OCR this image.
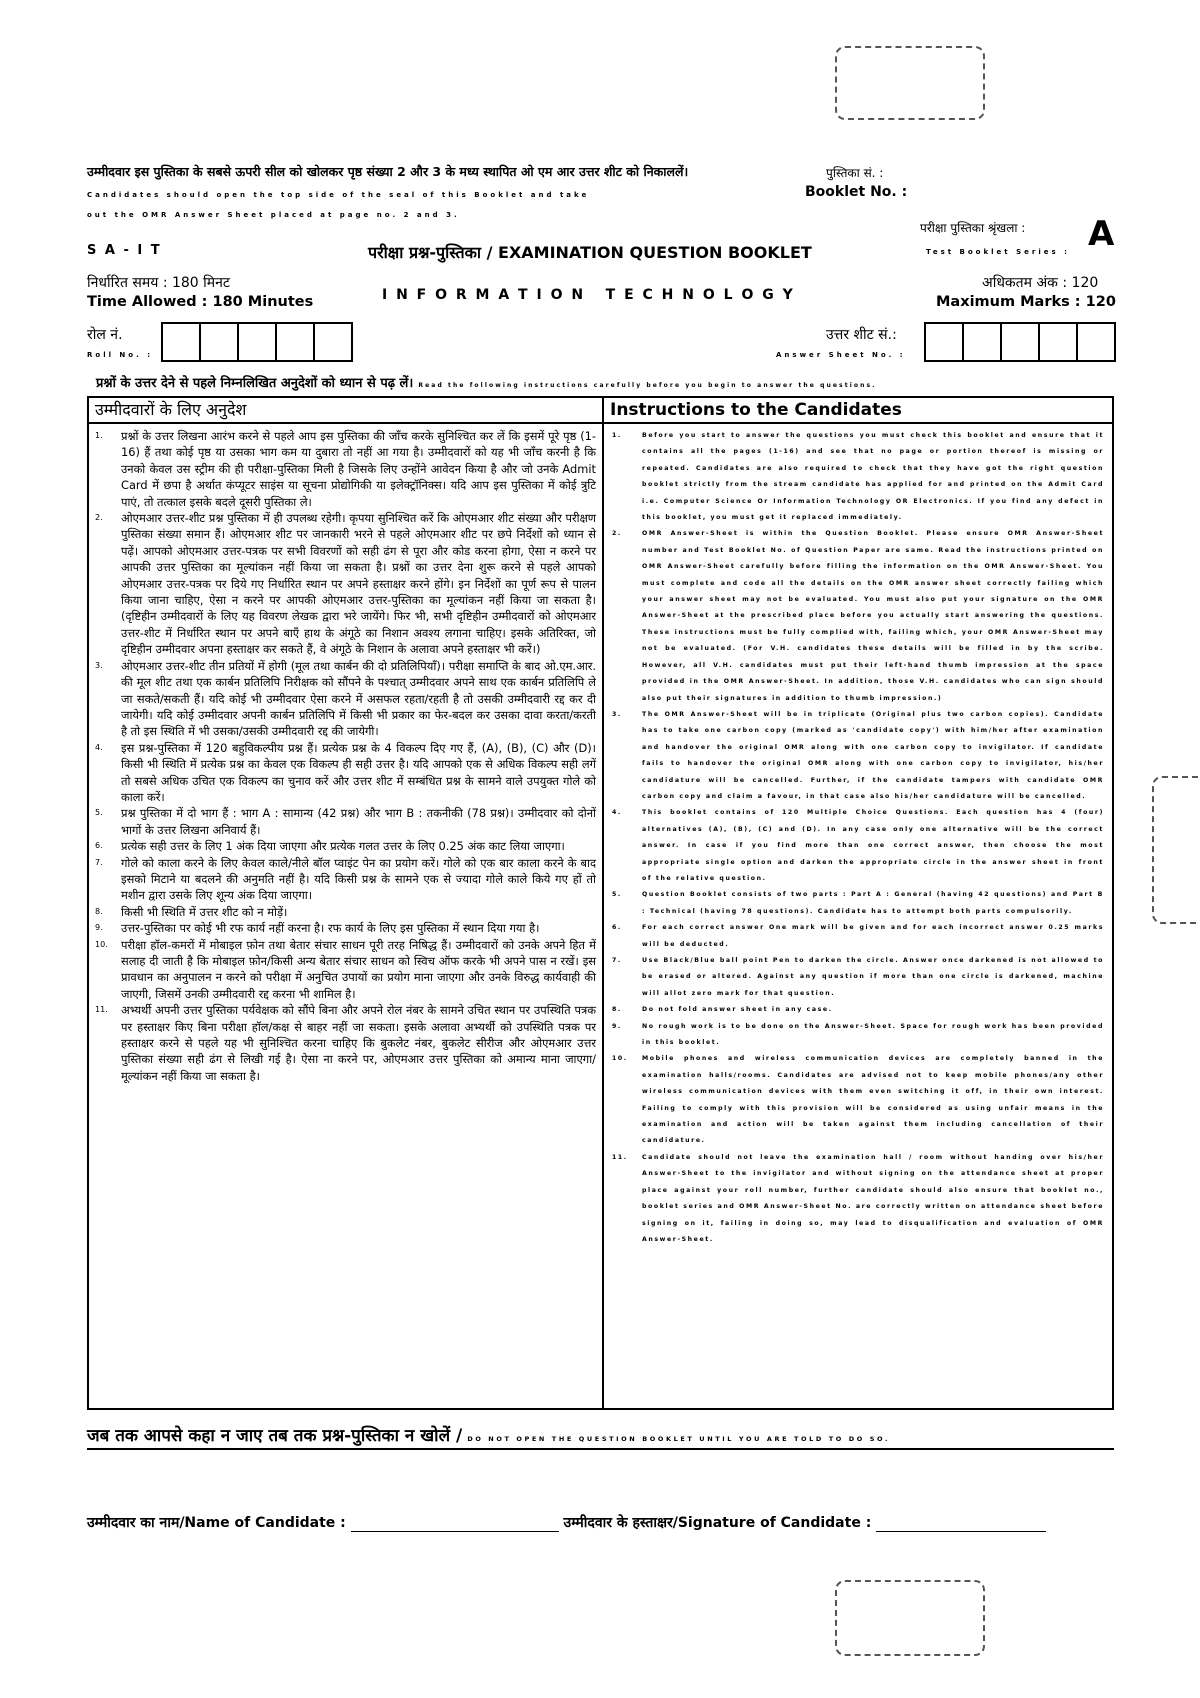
उम्मीदवार इस पुस्तिका के सबसे ऊपरी सील को खोलकर पृष्ठ संख्या 2 और 3 के मध्य स्थापित ओ एम आर उत्तर शीट को निकाललें।
Candidates should open the top side of the seal of this Booklet and take
out the OMR Answer Sheet placed at page no. 2 and 3.
पुस्तिका सं. :
Booklet No. :
परीक्षा पुस्तिका श्रृंखला :
Test Booklet Series : A
S A - I T	परीक्षा प्रश्न-पुस्तिका / EXAMINATION QUESTION BOOKLET
निर्धारित समय : 180 मिनट
Time Allowed : 180 Minutes	I N F O R M A T I O N   T E C H N O L O G Y
अधिकतम अंक : 120
Maximum Marks : 120
रोल नं.
Roll No. :
उत्तर शीट सं.:
Answer Sheet No. :
प्रश्नों के उत्तर देने से पहले निम्नलिखित अनुदेशों को ध्यान से पढ़ लें। Read the following instructions carefully before you begin to answer the questions.
उम्मीदवारों के लिए अनुदेश	Instructions to the Candidates
1.	प्रश्नों के उत्तर लिखना आरंभ करने से पहले आप इस पुस्तिका की जाँच करके सुनिश्चित कर लें कि इसमें पूरे पृष्ठ (1-16) हैं तथा कोई पृष्ठ या उसका भाग कम या दुबारा तो नहीं आ गया है। उम्मीदवारों को यह भी जाँच करनी है कि उनको केवल उस स्ट्रीम की ही परीक्षा-पुस्तिका मिली है जिसके लिए उन्होंने आवेदन किया है और जो उनके Admit Card में छपा है अर्थात कंप्यूटर साइंस या सूचना प्रोद्योगिकी या इलेक्ट्रॉनिक्स। यदि आप इस पुस्तिका में कोई त्रुटि पाएं, तो तत्काल इसके बदले दूसरी पुस्तिका ले।
2.	ओएमआर उत्तर-शीट प्रश्न पुस्तिका में ही उपलब्ध रहेगी। कृपया सुनिश्चित करें कि ओएमआर शीट संख्या और परीक्षण पुस्तिका संख्या समान हैं। ओएमआर शीट पर जानकारी भरने से पहले ओएमआर शीट पर छपे निर्देशों को ध्यान से पढ़ें। आपको ओएमआर उत्तर-पत्रक पर सभी विवरणों को सही ढंग से पूरा और कोड करना होगा, ऐसा न करने पर आपकी उत्तर पुस्तिका का मूल्यांकन नहीं किया जा सकता है। प्रश्नों का उत्तर देना शुरू करने से पहले आपको ओएमआर उत्तर-पत्रक पर दिये गए निर्धारित स्थान पर अपने हस्ताक्षर करने होंगे। इन निर्देशों का पूर्ण रूप से पालन किया जाना चाहिए, ऐसा न करने पर आपकी ओएमआर उत्तर-पुस्तिका का मूल्यांकन नहीं किया जा सकता है। (दृष्टिहीन उम्मीदवारों के लिए यह विवरण लेखक द्वारा भरे जायेंगे। फिर भी, सभी दृष्टिहीन उम्मीदवारों को ओएमआर उत्तर-शीट में निर्धारित स्थान पर अपने बाएँ हाथ के अंगूठे का निशान अवश्य लगाना चाहिए। इसके अतिरिक्त, जो दृष्टिहीन उम्मीदवार अपना हस्ताक्षर कर सकते हैं, वे अंगूठे के निशान के अलावा अपने हस्ताक्षर भी करें।)
3.	ओएमआर उत्तर-शीट तीन प्रतियों में होगी (मूल तथा कार्बन की दो प्रतिलिपियाँ)। परीक्षा समाप्ति के बाद ओ.एम.आर. की मूल शीट तथा एक कार्बन प्रतिलिपि निरीक्षक को सौंपने के पश्चात् उम्मीदवार अपने साथ एक कार्बन प्रतिलिपि ले जा सकते/सकती हैं। यदि कोई भी उम्मीदवार ऐसा करने में असफल रहता/रहती है तो उसकी उम्मीदवारी रद्द कर दी जायेगी। यदि कोई उम्मीदवार अपनी कार्बन प्रतिलिपि में किसी भी प्रकार का फेर-बदल कर उसका दावा करता/करती है तो इस स्थिति में भी उसका/उसकी उम्मीदवारी रद्द की जायेगी।
4.	इस प्रश्न-पुस्तिका में 120 बहुविकल्पीय प्रश्न हैं। प्रत्येक प्रश्न के 4 विकल्प दिए गए हैं, (A), (B), (C) और (D)। किसी भी स्थिति में प्रत्येक प्रश्न का केवल एक विकल्प ही सही उत्तर है। यदि आपको एक से अधिक विकल्प सही लगें तो सबसे अधिक उचित एक विकल्प का चुनाव करें और उत्तर शीट में सम्बंधित प्रश्न के सामने वाले उपयुक्त गोले को काला करें।
5.	प्रश्न पुस्तिका में दो भाग हैं : भाग A : सामान्य (42 प्रश्न) और भाग B : तकनीकी (78 प्रश्न)। उम्मीदवार को दोनों भागों के उत्तर लिखना अनिवार्य हैं।
6.	प्रत्येक सही उत्तर के लिए 1 अंक दिया जाएगा और प्रत्येक गलत उत्तर के लिए 0.25 अंक काट लिया जाएगा।
7.	गोले को काला करने के लिए केवल काले/नीले बॉल प्वाइंट पेन का प्रयोग करें। गोले को एक बार काला करने के बाद इसको मिटाने या बदलने की अनुमति नहीं है। यदि किसी प्रश्न के सामने एक से ज्यादा गोले काले किये गए हों तो मशीन द्वारा उसके लिए शून्य अंक दिया जाएगा।
8.	किसी भी स्थिति में उत्तर शीट को न मोड़ें।
9.	उत्तर-पुस्तिका पर कोई भी रफ कार्य नहीं करना है। रफ कार्य के लिए इस पुस्तिका में स्थान दिया गया है।
10.	परीक्षा हॉल-कमरों में मोबाइल फ़ोन तथा बेतार संचार साधन पूरी तरह निषिद्ध हैं। उम्मीदवारों को उनके अपने हित में सलाह दी जाती है कि मोबाइल फ़ोन/किसी अन्य बेतार संचार साधन को स्विच ऑफ करके भी अपने पास न रखें। इस प्रावधान का अनुपालन न करने को परीक्षा में अनुचित उपायों का प्रयोग माना जाएगा और उनके विरुद्ध कार्यवाही की जाएगी, जिसमें उनकी उम्मीदवारी रद्द करना भी शामिल है।
11.	अभ्यर्थी अपनी उत्तर पुस्तिका पर्यवेक्षक को सौंपे बिना और अपने रोल नंबर के सामने उचित स्थान पर उपस्थिति पत्रक पर हस्ताक्षर किए बिना परीक्षा हॉल/कक्ष से बाहर नहीं जा सकता। इसके अलावा अभ्यर्थी को उपस्थिति पत्रक पर हस्ताक्षर करने से पहले यह भी सुनिश्चित करना चाहिए कि बुकलेट नंबर, बुकलेट सीरीज और ओएमआर उत्तर पुस्तिका संख्या सही ढंग से लिखी गई है। ऐसा ना करने पर, ओएमआर उत्तर पुस्तिका को अमान्य माना जाएगा/मूल्यांकन नहीं किया जा सकता है।
1.	Before you start to answer the questions you must check this booklet and ensure that it contains all the pages (1-16) and see that no page or portion thereof is missing or repeated. Candidates are also required to check that they have got the right question booklet strictly from the stream candidate has applied for and printed on the Admit Card i.e. Computer Science Or Information Technology OR Electronics. If you find any defect in this booklet, you must get it replaced immediately.
2.	OMR Answer-Sheet is within the Question Booklet. Please ensure OMR Answer-Sheet number and Test Booklet No. of Question Paper are same. Read the instructions printed on OMR Answer-Sheet carefully before filling the information on the OMR Answer-Sheet. You must complete and code all the details on the OMR answer sheet correctly failing which your answer sheet may not be evaluated. You must also put your signature on the OMR Answer-Sheet at the prescribed place before you actually start answering the questions. These instructions must be fully complied with, failing which, your OMR Answer-Sheet may not be evaluated. (For V.H. candidates these details will be filled in by the scribe. However, all V.H. candidates must put their left-hand thumb impression at the space provided in the OMR Answer-Sheet. In addition, those V.H. candidates who can sign should also put their signatures in addition to thumb impression.)
3.	The OMR Answer-Sheet will be in triplicate (Original plus two carbon copies). Candidate has to take one carbon copy (marked as 'candidate copy') with him/her after examination and handover the original OMR along with one carbon copy to invigilator. If candidate fails to handover the original OMR along with one carbon copy to invigilator, his/her candidature will be cancelled. Further, if the candidate tampers with candidate OMR carbon copy and claim a favour, in that case also his/her candidature will be cancelled.
4.	This booklet contains of 120 Multiple Choice Questions. Each question has 4 (four) alternatives (A), (B), (C) and (D). In any case only one alternative will be the correct answer. In case if you find more than one correct answer, then choose the most appropriate single option and darken the appropriate circle in the answer sheet in front of the relative question.
5.	Question Booklet consists of two parts : Part A : General (having 42 questions) and Part B : Technical (having 78 questions). Candidate has to attempt both parts compulsorily.
6.	For each correct answer One mark will be given and for each incorrect answer 0.25 marks will be deducted.
7.	Use Black/Blue ball point Pen to darken the circle. Answer once darkened is not allowed to be erased or altered. Against any question if more than one circle is darkened, machine will allot zero mark for that question.
8.	Do not fold answer sheet in any case.
9.	No rough work is to be done on the Answer-Sheet. Space for rough work has been provided in this booklet.
10.	Mobile phones and wireless communication devices are completely banned in the examination halls/rooms. Candidates are advised not to keep mobile phones/any other wireless communication devices with them even switching it off, in their own interest. Failing to comply with this provision will be considered as using unfair means in the examination and action will be taken against them including cancellation of their candidature.
11.	Candidate should not leave the examination hall / room without handing over his/her Answer-Sheet to the invigilator and without signing on the attendance sheet at proper place against your roll number, further candidate should also ensure that booklet no., booklet series and OMR Answer-Sheet No. are correctly written on attendance sheet before signing on it, failing in doing so, may lead to disqualification and evaluation of OMR Answer-Sheet.
जब तक आपसे कहा न जाए तब तक प्रश्न-पुस्तिका न खोलें / DO NOT OPEN THE QUESTION BOOKLET UNTIL YOU ARE TOLD TO DO SO.
उम्मीदवार का नाम/Name of Candidate :	उम्मीदवार के हस्ताक्षर/Signature of Candidate :
